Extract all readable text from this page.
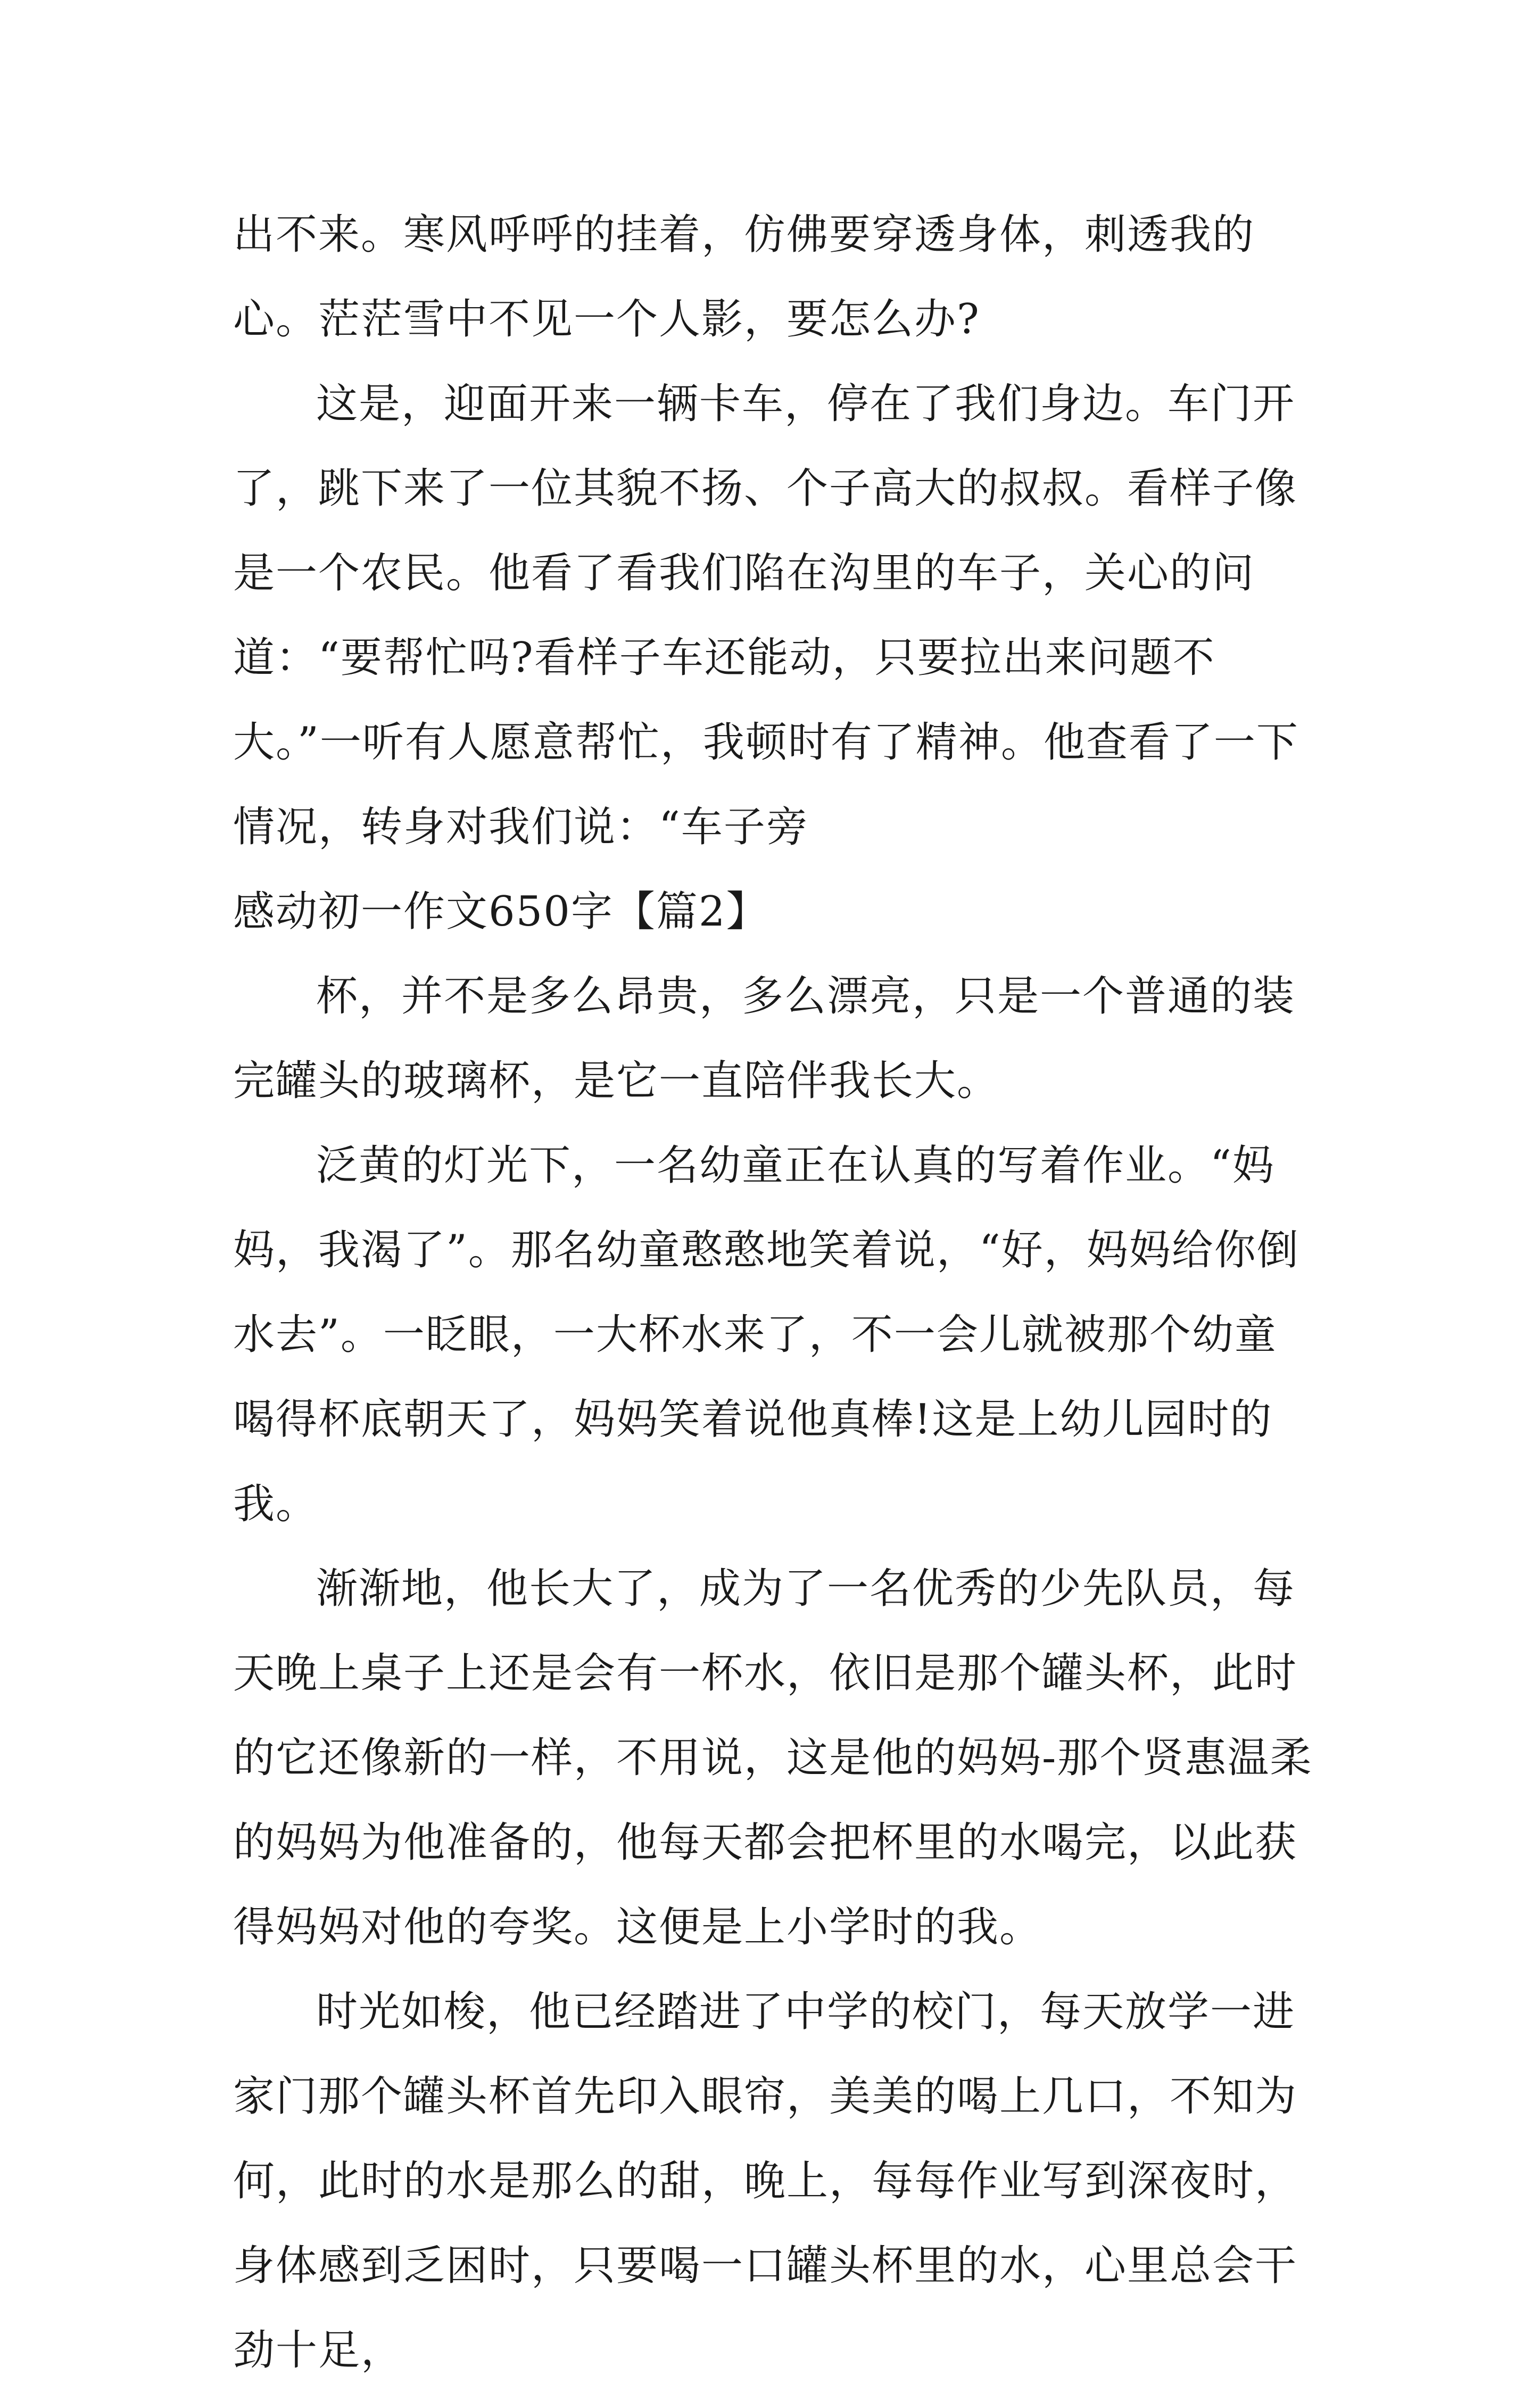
出不来。寒风呼呼的挂着，仿佛要穿透身体，刺透我的心。茫茫雪中不见一个人影，要怎么办?

这是，迎面开来一辆卡车，停在了我们身边。车门开了，跳下来了一位其貌不扬、个子高大的叔叔。看样子像是一个农民。他看了看我们陷在沟里的车子，关心的问道：“要帮忙吗?看样子车还能动，只要拉出来问题不大。”一听有人愿意帮忙，我顿时有了精神。他查看了一下情况，转身对我们说：“车子旁

感动初一作文650字【篇2】

杯，并不是多么昂贵，多么漂亮，只是一个普通的装完罐头的玻璃杯，是它一直陪伴我长大。

泛黄的灯光下，一名幼童正在认真的写着作业。“妈妈，我渴了”。那名幼童憨憨地笑着说，“好，妈妈给你倒水去”。一眨眼，一大杯水来了，不一会儿就被那个幼童喝得杯底朝天了，妈妈笑着说他真棒!这是上幼儿园时的我。

渐渐地，他长大了，成为了一名优秀的少先队员，每天晚上桌子上还是会有一杯水，依旧是那个罐头杯，此时的它还像新的一样，不用说，这是他的妈妈-那个贤惠温柔的妈妈为他准备的，他每天都会把杯里的水喝完，以此获得妈妈对他的夸奖。这便是上小学时的我。

时光如梭，他已经踏进了中学的校门，每天放学一进家门那个罐头杯首先印入眼帘，美美的喝上几口，不知为何，此时的水是那么的甜，晚上，每每作业写到深夜时，身体感到乏困时，只要喝一口罐头杯里的水，心里总会干劲十足，
